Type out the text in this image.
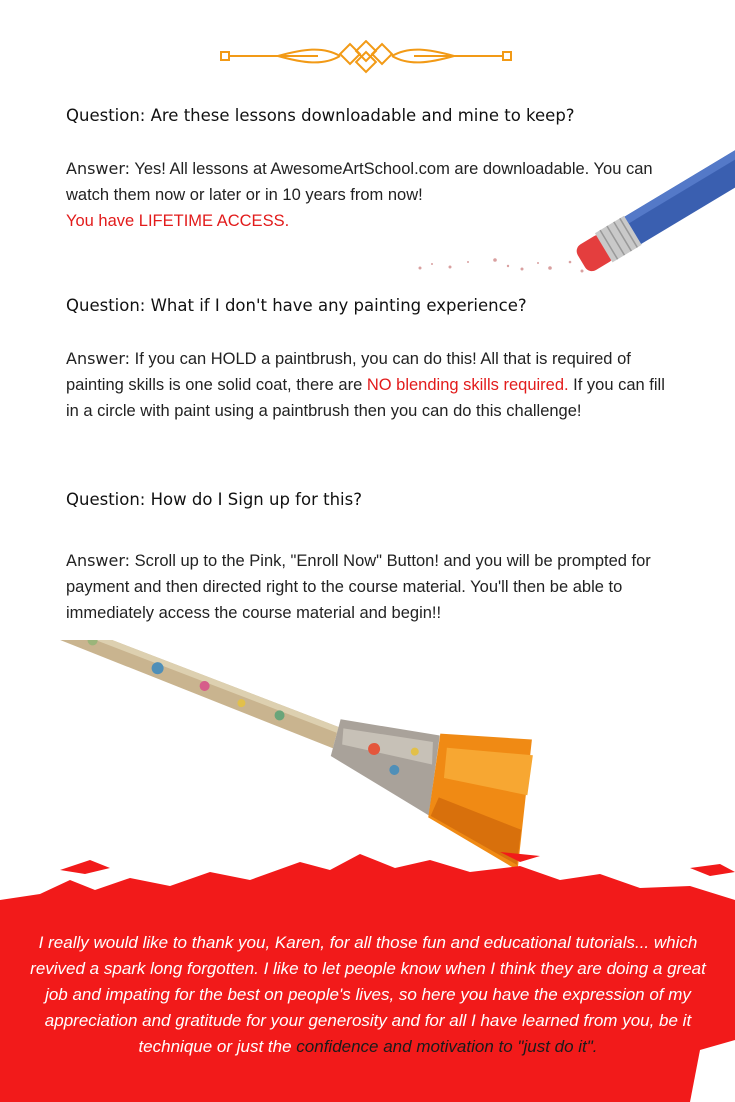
Question: Are these lessons downloadable and mine to keep?

Answer: Yes! All lessons at AwesomeArtSchool.com are downloadable. You can watch them now or later or in 10 years from now!
You have LIFETIME ACCESS.

Question: What if I don't have any painting experience?

Answer: If you can HOLD a paintbrush, you can do this! All that is required of painting skills is one solid coat, there are NO blending skills required. If you can fill in a circle with paint using a paintbrush then you can do this challenge!

Question: How do I Sign up for this?

Answer: Scroll up to the Pink, "Enroll Now" Button! and you will be prompted for payment and then directed right to the course material. You'll then be able to immediately access the course material and begin!!

I really would like to thank you, Karen, for all those fun and educational tutorials... which revived a spark long forgotten. I like to let people know when I think they are doing a great job and impating for the best on people's lives, so here you have the expression of my appreciation and gratitude for your generosity and for all I have learned from you, be it technique or just the confidence and motivation to "just do it".
